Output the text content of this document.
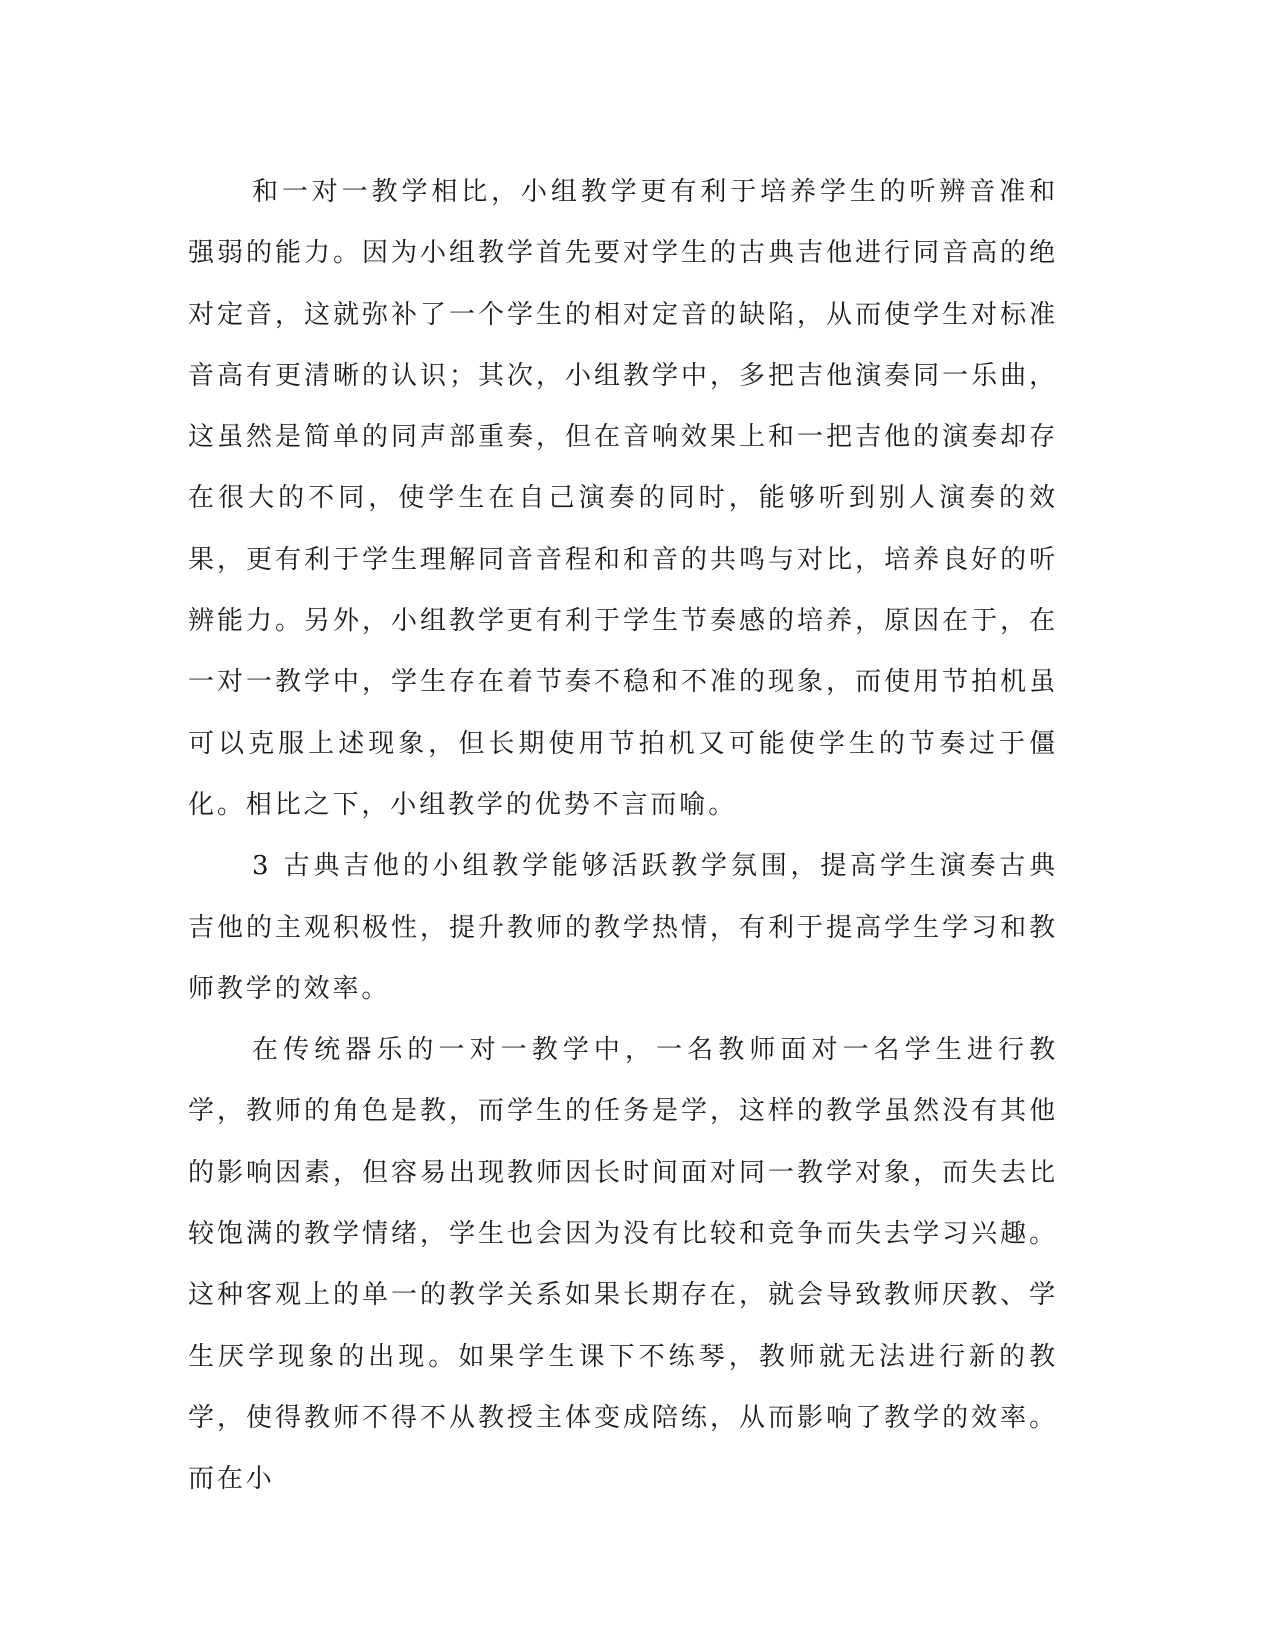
和一对一教学相比，小组教学更有利于培养学生的听辨音准和强弱的能力。因为小组教学首先要对学生的古典吉他进行同音高的绝对定音，这就弥补了一个学生的相对定音的缺陷，从而使学生对标准音高有更清晰的认识；其次，小组教学中，多把吉他演奏同一乐曲，这虽然是简单的同声部重奏，但在音响效果上和一把吉他的演奏却存在很大的不同，使学生在自己演奏的同时，能够听到别人演奏的效果，更有利于学生理解同音音程和和音的共鸣与对比，培养良好的听辨能力。另外，小组教学更有利于学生节奏感的培养，原因在于，在一对一教学中，学生存在着节奏不稳和不准的现象，而使用节拍机虽可以克服上述现象，但长期使用节拍机又可能使学生的节奏过于僵化。相比之下，小组教学的优势不言而喻。

3 古典吉他的小组教学能够活跃教学氛围，提高学生演奏古典吉他的主观积极性，提升教师的教学热情，有利于提高学生学习和教师教学的效率。

在传统器乐的一对一教学中，一名教师面对一名学生进行教学，教师的角色是教，而学生的任务是学，这样的教学虽然没有其他的影响因素，但容易出现教师因长时间面对同一教学对象，而失去比较饱满的教学情绪，学生也会因为没有比较和竞争而失去学习兴趣。这种客观上的单一的教学关系如果长期存在，就会导致教师厌教、学生厌学现象的出现。如果学生课下不练琴，教师就无法进行新的教学，使得教师不得不从教授主体变成陪练，从而影响了教学的效率。而在小
